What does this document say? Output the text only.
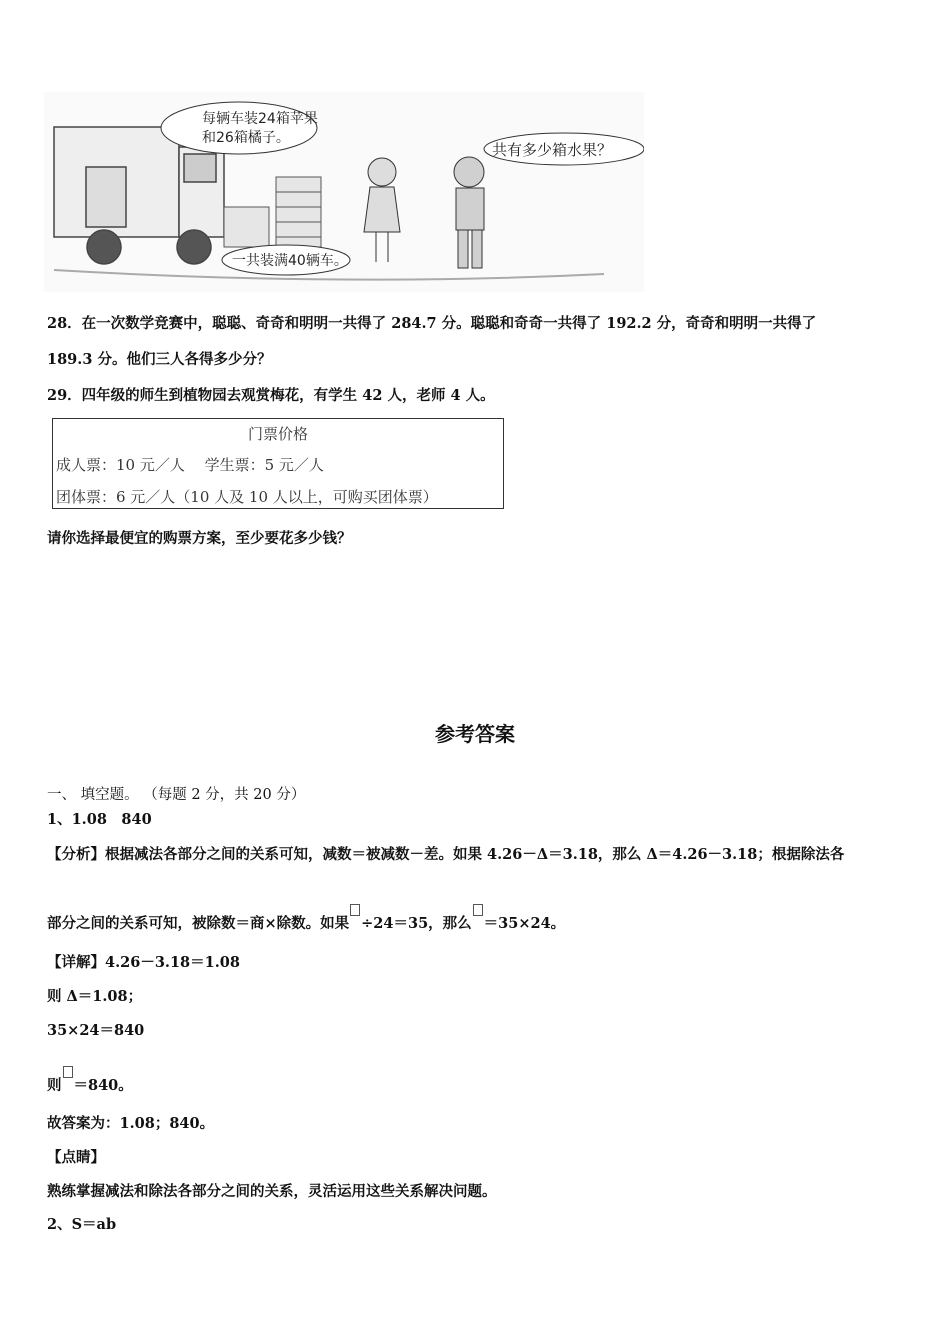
每辆车装24箱苹果
和26箱橘子。
共有多少箱水果？
一共装满40辆车。
28．在一次数学竞赛中，聪聪、奇奇和明明一共得了 284.7 分。聪聪和奇奇一共得了 192.2 分，奇奇和明明一共得了
189.3 分。他们三人各得多少分？
29．四年级的师生到植物园去观赏梅花，有学生 42 人，老师 4 人。
门票价格
成人票：10 元／人　 学生票：5 元／人
团体票：6 元／人（10 人及 10 人以上，可购买团体票）
请你选择最便宜的购票方案，至少要花多少钱？
参考答案
一、 填空题。 （每题 2 分，共 20 分）
1、1.08　840
【分析】根据减法各部分之间的关系可知，减数＝被减数－差。如果 4.26－Δ＝3.18，那么 Δ＝4.26－3.18；根据除法各
部分之间的关系可知，被除数＝商×除数。如果 ÷24＝35，那么 ＝35×24。
【详解】4.26－3.18＝1.08
则 Δ＝1.08；
35×24＝840
则 ＝840。
故答案为：1.08；840。
【点睛】
熟练掌握减法和除法各部分之间的关系，灵活运用这些关系解决问题。
2、S＝ab
